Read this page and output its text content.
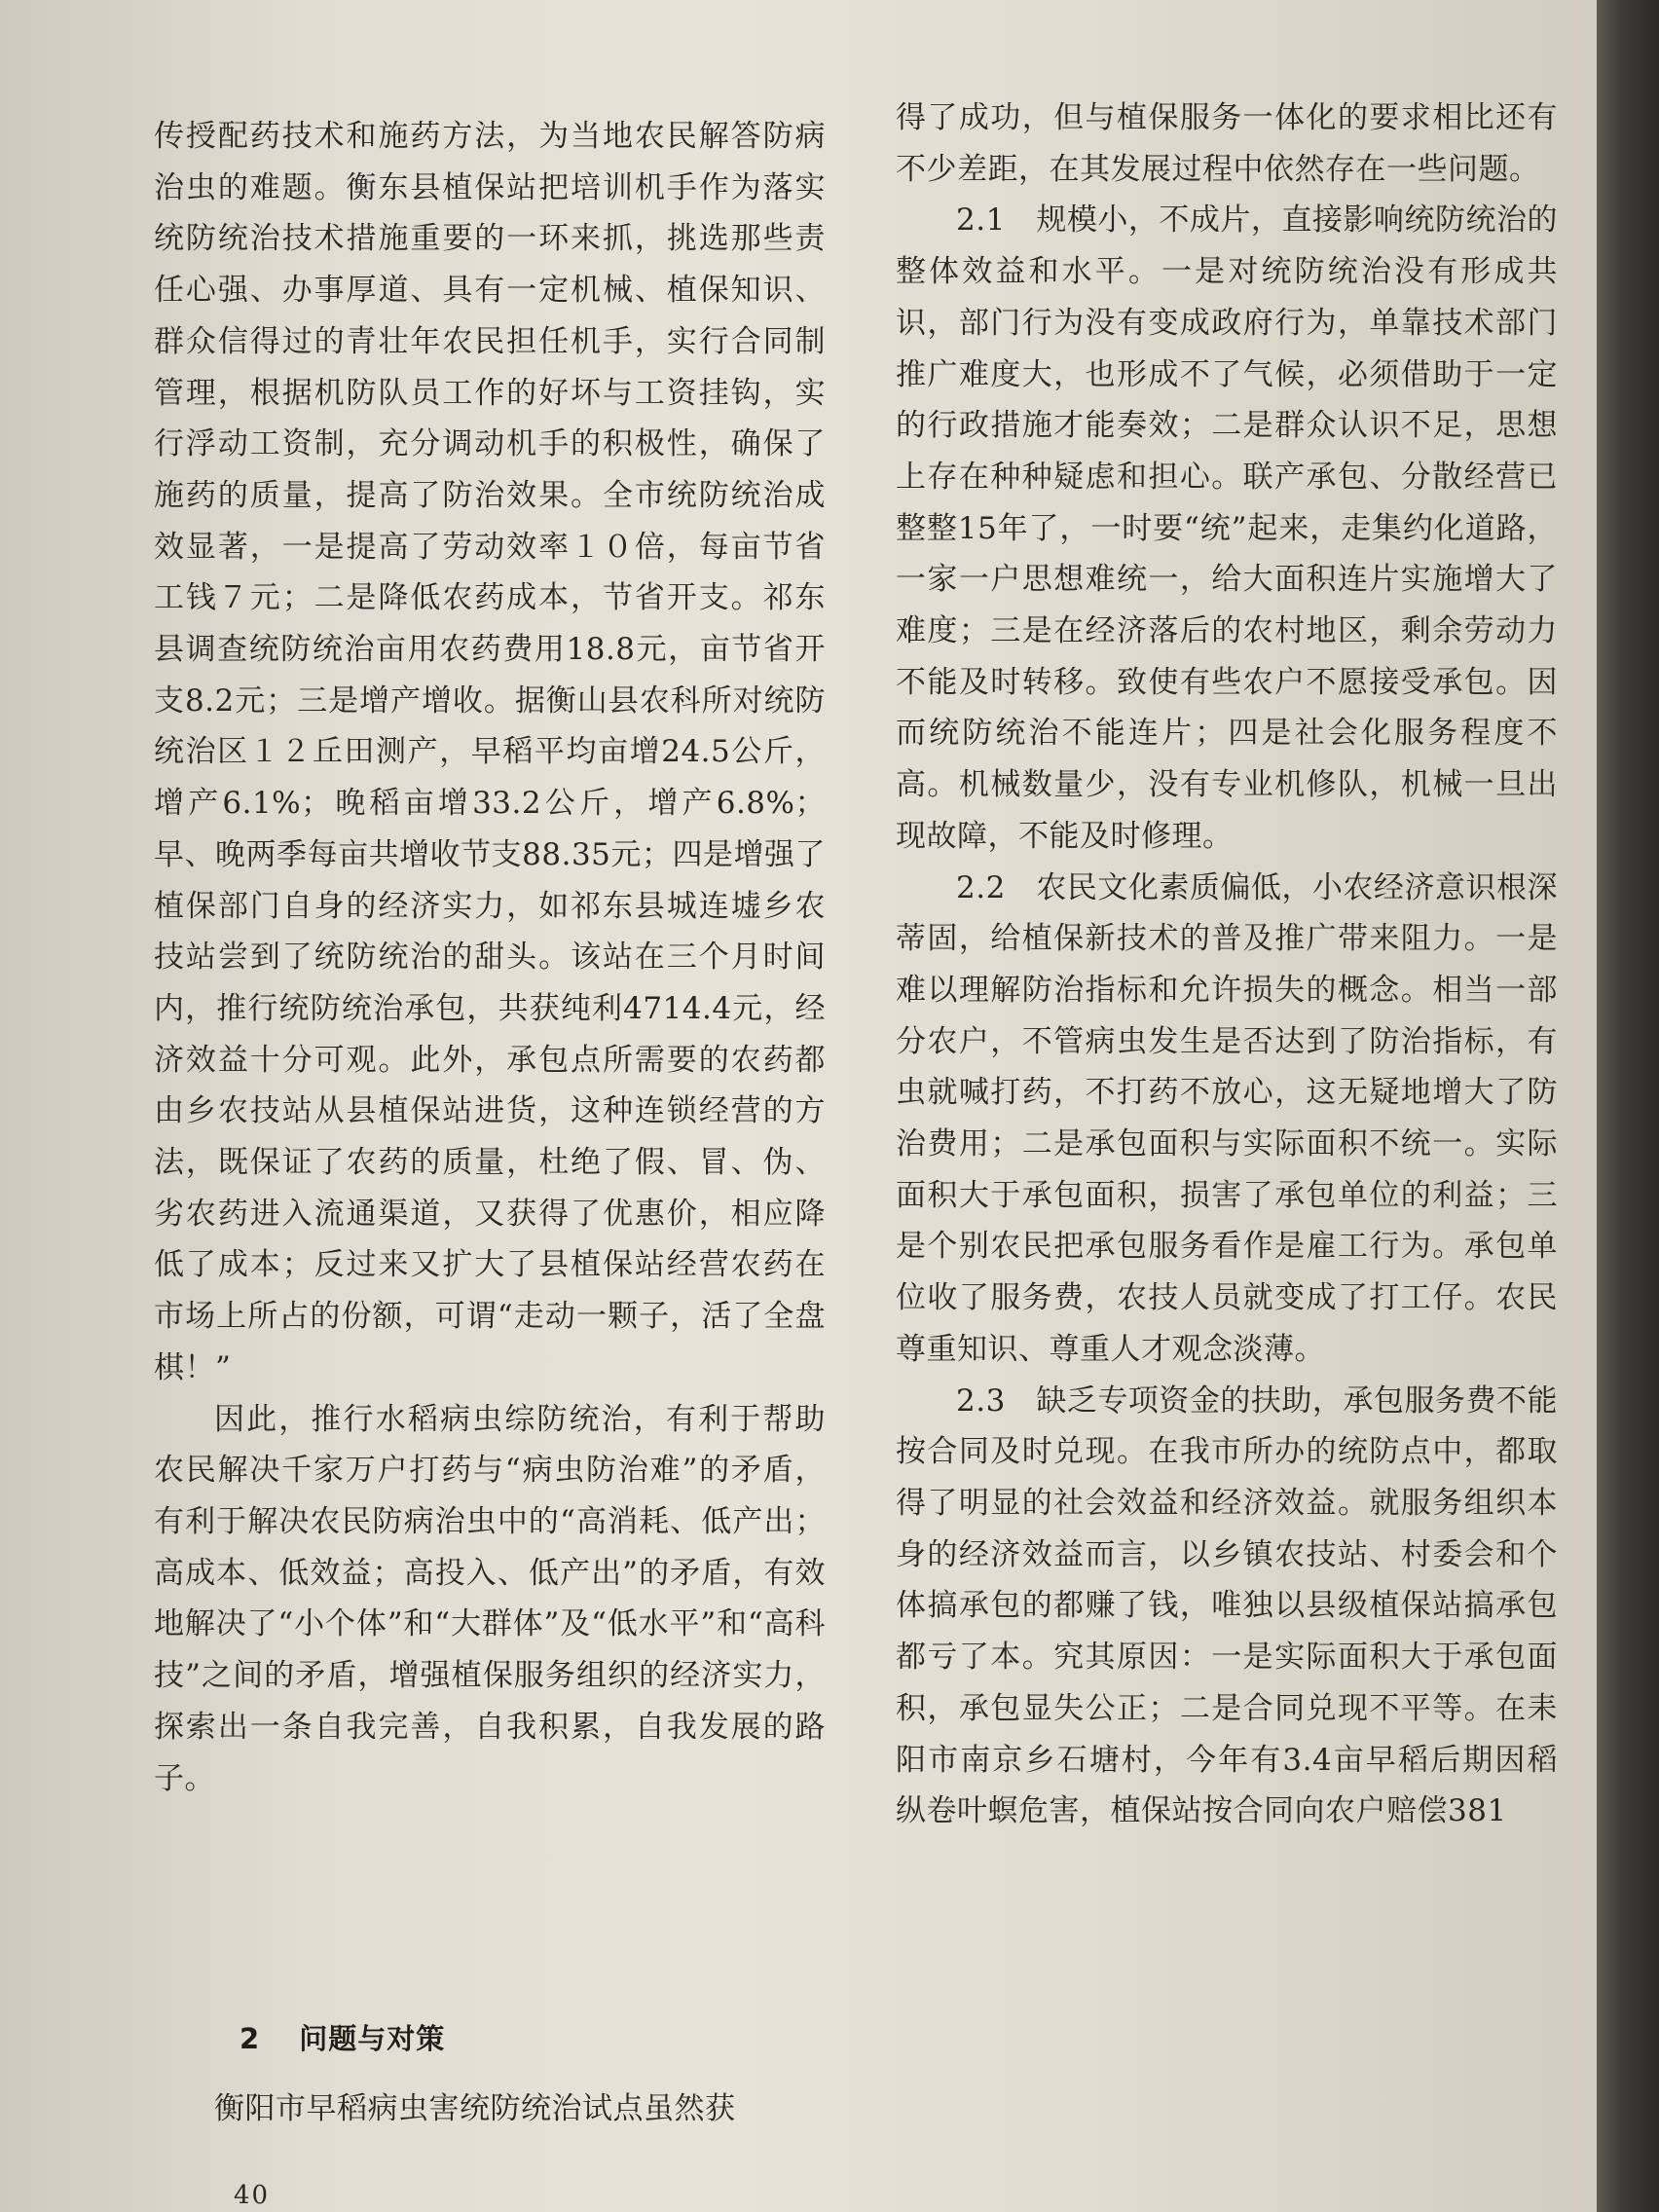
传授配药技术和施药方法，为当地农民解答防病治虫的难题。衡东县植保站把培训机手作为落实统防统治技术措施重要的一环来抓，挑选那些责任心强、办事厚道、具有一定机械、植保知识、群众信得过的青壮年农民担任机手，实行合同制管理，根据机防队员工作的好坏与工资挂钩，实行浮动工资制，充分调动机手的积极性，确保了施药的质量，提高了防治效果。全市统防统治成效显著，一是提高了劳动效率１０倍，每亩节省工钱７元；二是降低农药成本，节省开支。祁东县调查统防统治亩用农药费用18.8元，亩节省开支8.2元；三是增产增收。据衡山县农科所对统防统治区１２丘田测产，早稻平均亩增24.5公斤，增产6.1%；晚稻亩增33.2公斤，增产6.8%；早、晚两季每亩共增收节支88.35元；四是增强了植保部门自身的经济实力，如祁东县城连墟乡农技站尝到了统防统治的甜头。该站在三个月时间内，推行统防统治承包，共获纯利4714.4元，经济效益十分可观。此外，承包点所需要的农药都由乡农技站从县植保站进货，这种连锁经营的方法，既保证了农药的质量，杜绝了假、冒、伪、劣农药进入流通渠道，又获得了优惠价，相应降低了成本；反过来又扩大了县植保站经营农药在市场上所占的份额，可谓“走动一颗子，活了全盘棋！”

因此，推行水稻病虫综防统治，有利于帮助农民解决千家万户打药与“病虫防治难”的矛盾，有利于解决农民防病治虫中的“高消耗、低产出；高成本、低效益；高投入、低产出”的矛盾，有效地解决了“小个体”和“大群体”及“低水平”和“高科技”之间的矛盾，增强植保服务组织的经济实力，探索出一条自我完善，自我积累，自我发展的路子。

2 问题与对策
衡阳市早稻病虫害统防统治试点虽然获

得了成功，但与植保服务一体化的要求相比还有不少差距，在其发展过程中依然存在一些问题。

2.1　规模小，不成片，直接影响统防统治的整体效益和水平。一是对统防统治没有形成共识，部门行为没有变成政府行为，单靠技术部门推广难度大，也形成不了气候，必须借助于一定的行政措施才能奏效；二是群众认识不足，思想上存在种种疑虑和担心。联产承包、分散经营已整整15年了，一时要“统”起来，走集约化道路，一家一户思想难统一，给大面积连片实施增大了难度；三是在经济落后的农村地区，剩余劳动力不能及时转移。致使有些农户不愿接受承包。因而统防统治不能连片；四是社会化服务程度不高。机械数量少，没有专业机修队，机械一旦出现故障，不能及时修理。

2.2　农民文化素质偏低，小农经济意识根深蒂固，给植保新技术的普及推广带来阻力。一是难以理解防治指标和允许损失的概念。相当一部分农户，不管病虫发生是否达到了防治指标，有虫就喊打药，不打药不放心，这无疑地增大了防治费用；二是承包面积与实际面积不统一。实际面积大于承包面积，损害了承包单位的利益；三是个别农民把承包服务看作是雇工行为。承包单位收了服务费，农技人员就变成了打工仔。农民尊重知识、尊重人才观念淡薄。

2.3　缺乏专项资金的扶助，承包服务费不能按合同及时兑现。在我市所办的统防点中，都取得了明显的社会效益和经济效益。就服务组织本身的经济效益而言，以乡镇农技站、村委会和个体搞承包的都赚了钱，唯独以县级植保站搞承包都亏了本。究其原因：一是实际面积大于承包面积，承包显失公正；二是合同兑现不平等。在耒阳市南京乡石塘村，今年有3.4亩早稻后期因稻纵卷叶螟危害，植保站按合同向农户赔偿381

40
